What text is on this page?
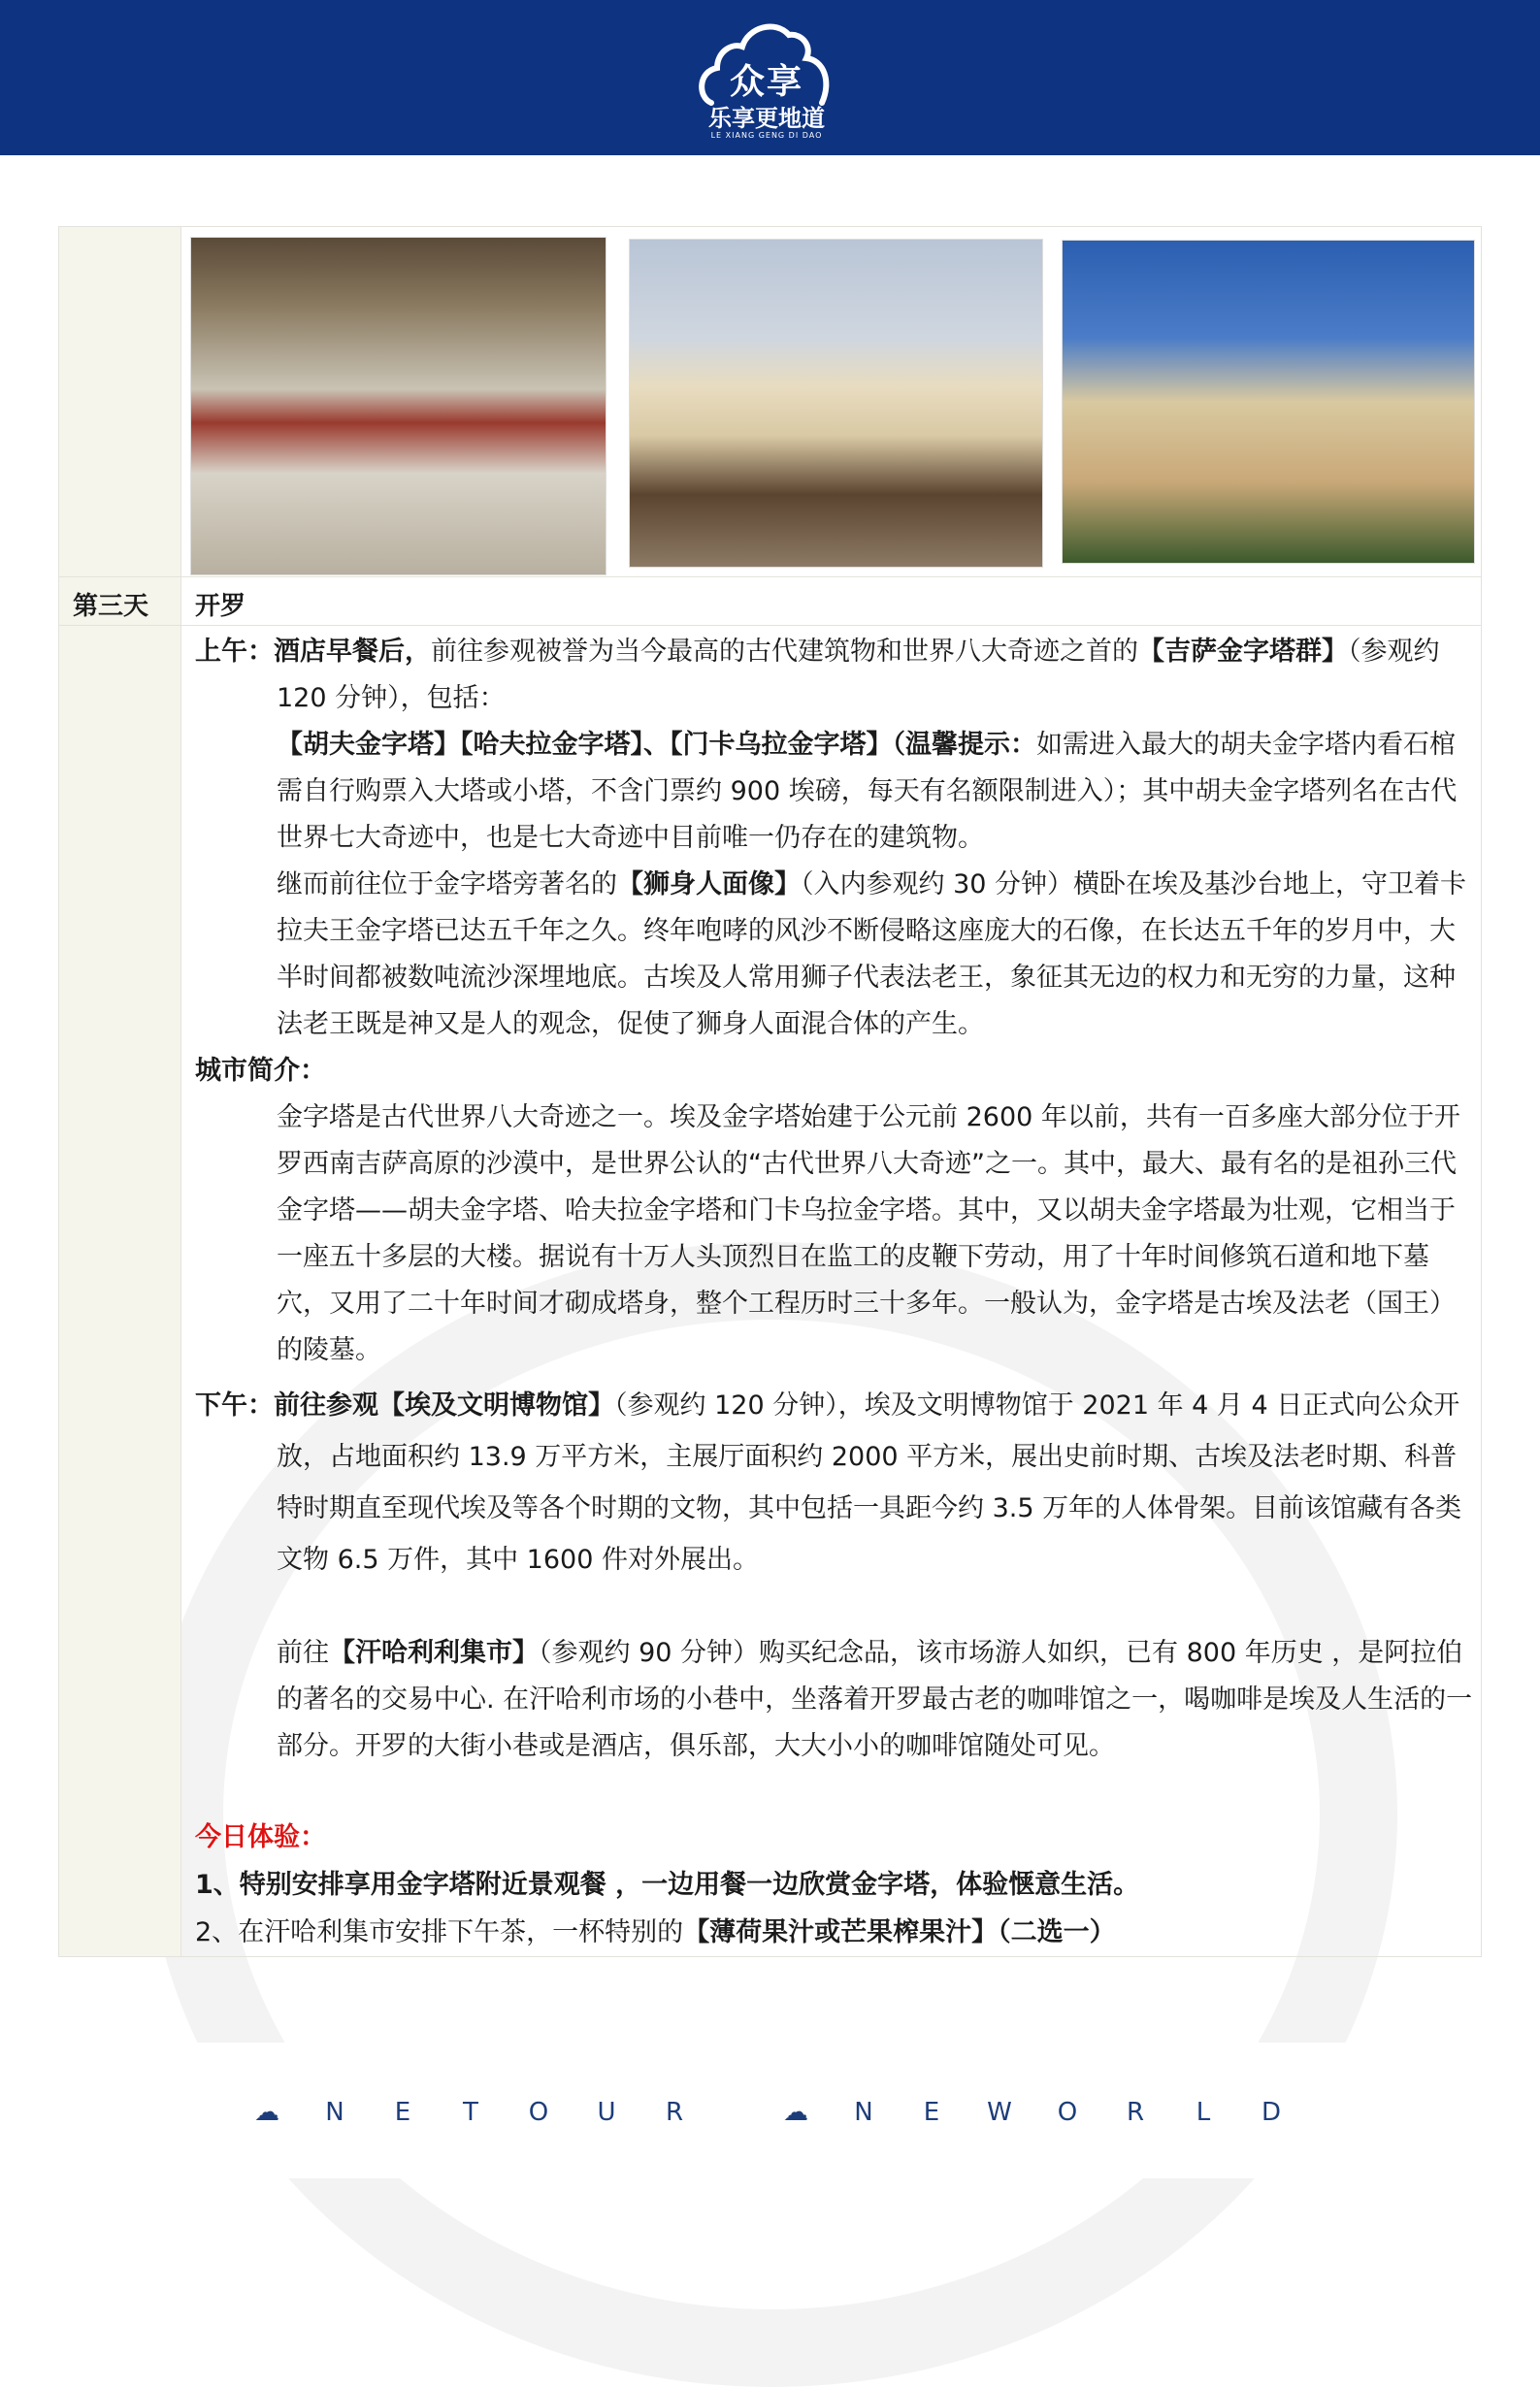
众享
乐享更地道
LE XIANG GENG DI DAO
第三天 开罗
上午：酒店早餐后，前往参观被誉为当今最高的古代建筑物和世界八大奇迹之首的【吉萨金字塔群】（参观约 120 分钟），包括：
【胡夫金字塔】【哈夫拉金字塔】、【门卡乌拉金字塔】（温馨提示：如需进入最大的胡夫金字塔内看石棺需自行购票入大塔或小塔，不含门票约 900 埃磅，每天有名额限制进入）；其中胡夫金字塔列名在古代世界七大奇迹中，也是七大奇迹中目前唯一仍存在的建筑物。
继而前往位于金字塔旁著名的【狮身人面像】（入内参观约 30 分钟）横卧在埃及基沙台地上，守卫着卡拉夫王金字塔已达五千年之久。终年咆哮的风沙不断侵略这座庞大的石像，在长达五千年的岁月中，大半时间都被数吨流沙深埋地底。古埃及人常用狮子代表法老王，象征其无边的权力和无穷的力量，这种法老王既是神又是人的观念，促使了狮身人面混合体的产生。
城市简介：
金字塔是古代世界八大奇迹之一。埃及金字塔始建于公元前 2600 年以前，共有一百多座大部分位于开罗西南吉萨高原的沙漠中，是世界公认的“古代世界八大奇迹”之一。其中，最大、最有名的是祖孙三代金字塔——胡夫金字塔、哈夫拉金字塔和门卡乌拉金字塔。其中，又以胡夫金字塔最为壮观，它相当于一座五十多层的大楼。据说有十万人头顶烈日在监工的皮鞭下劳动，用了十年时间修筑石道和地下墓穴，又用了二十年时间才砌成塔身，整个工程历时三十多年。一般认为，金字塔是古埃及法老（国王）的陵墓。
下午：前往参观【埃及文明博物馆】（参观约 120 分钟），埃及文明博物馆于 2021 年 4 月 4 日正式向公众开放，占地面积约 13.9 万平方米，主展厅面积约 2000 平方米，展出史前时期、古埃及法老时期、科普特时期直至现代埃及等各个时期的文物，其中包括一具距今约 3.5 万年的人体骨架。目前该馆藏有各类文物 6.5 万件，其中 1600 件对外展出。
前往【汗哈利利集市】（参观约 90 分钟）购买纪念品，该市场游人如织，已有 800 年历史 ，是阿拉伯的著名的交易中心. 在汗哈利市场的小巷中，坐落着开罗最古老的咖啡馆之一，喝咖啡是埃及人生活的一部分。开罗的大街小巷或是酒店，俱乐部，大大小小的咖啡馆随处可见。
今日体验：
1、特别安排享用金字塔附近景观餐 ，一边用餐一边欣赏金字塔，体验惬意生活。
2、在汗哈利集市安排下午茶，一杯特别的【薄荷果汁或芒果榨果汁】（二选一）
☁ N E T O U R	☁ N E W O R L D
